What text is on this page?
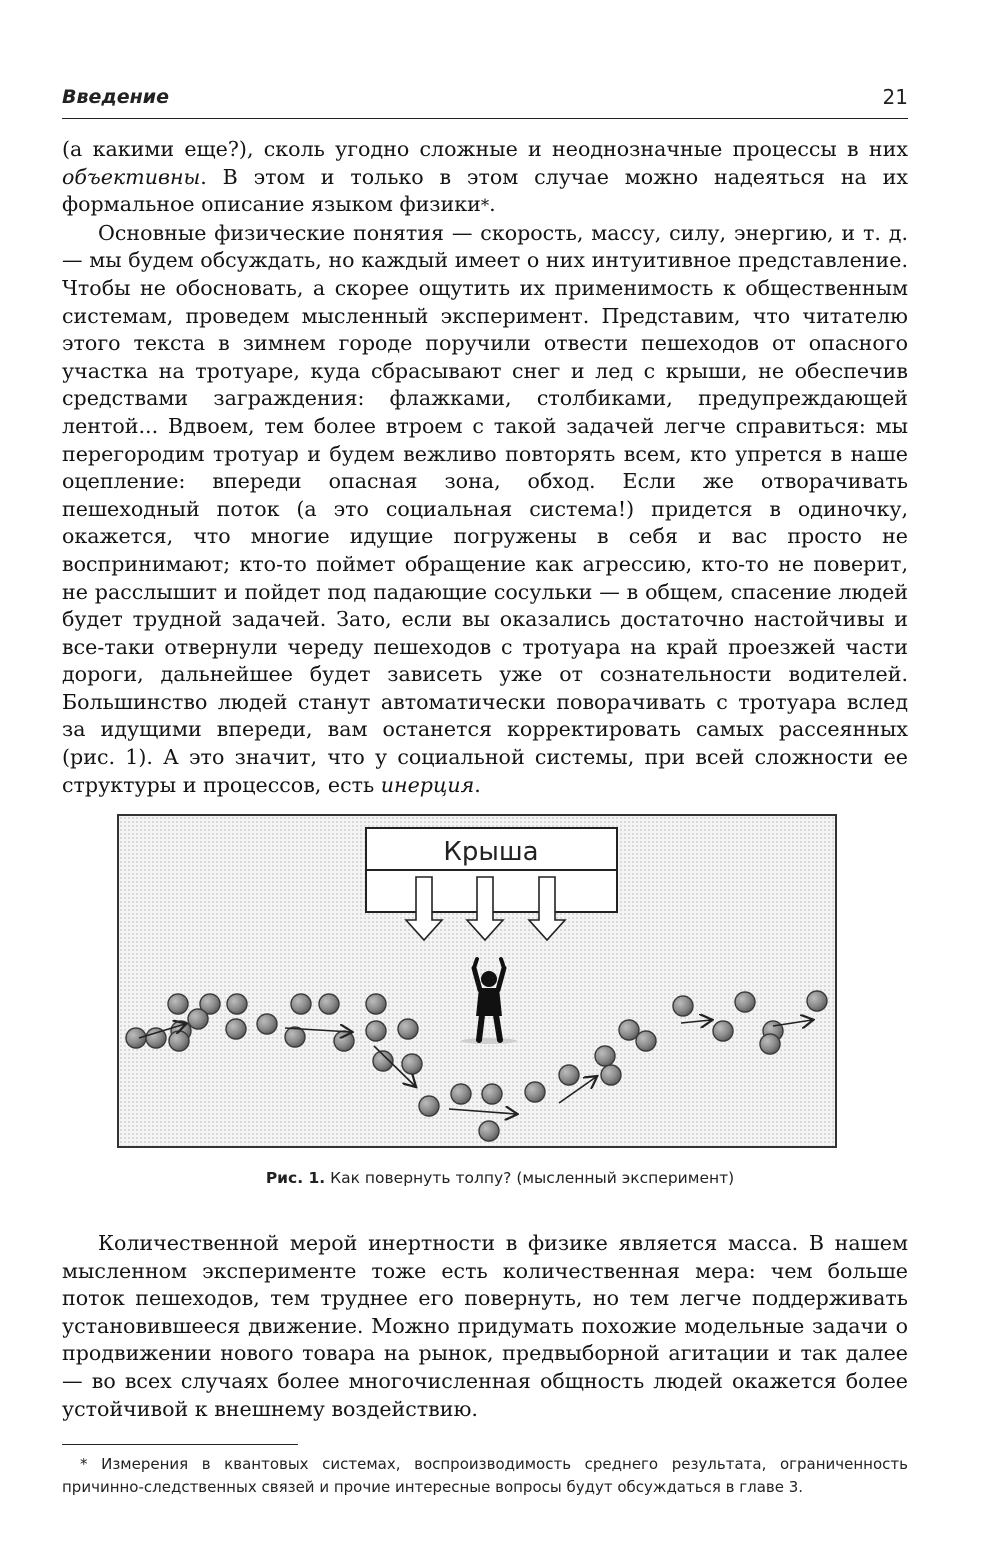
Введение	21

(а какими еще?), сколь угодно сложные и неоднозначные процессы в них объективны. В этом и только в этом случае можно надеяться на их формальное описание языком физики*.

Основные физические понятия — скорость, массу, силу, энергию, и т. д. — мы будем обсуждать, но каждый имеет о них интуитивное представление. Чтобы не обосновать, а скорее ощутить их применимость к общественным системам, проведем мысленный эксперимент. Представим, что читателю этого текста в зимнем городе поручили отвести пешеходов от опасного участка на тротуаре, куда сбрасывают снег и лед с крыши, не обеспечив средствами заграждения: флажками, столбиками, предупреждающей лентой... Вдвоем, тем более втроем с такой задачей легче справиться: мы перегородим тротуар и будем вежливо повторять всем, кто упрется в наше оцепление: впереди опасная зона, обход. Если же отворачивать пешеходный поток (а это социальная система!) придется в одиночку, окажется, что многие идущие погружены в себя и вас просто не воспринимают; кто-то поймет обращение как агрессию, кто-то не поверит, не расслышит и пойдет под падающие сосульки — в общем, спасение людей будет трудной задачей. Зато, если вы оказались достаточно настойчивы и все-таки отвернули череду пешеходов с тротуара на край проезжей части дороги, дальнейшее будет зависеть уже от сознательности водителей. Большинство людей станут автоматически поворачивать с тротуара вслед за идущими впереди, вам останется корректировать самых рассеянных (рис. 1). А это значит, что у социальной системы, при всей сложности ее структуры и процессов, есть инерция.

Крыша
Рис. 1. Как повернуть толпу? (мысленный эксперимент)

Количественной мерой инертности в физике является масса. В нашем мысленном эксперименте тоже есть количественная мера: чем больше поток пешеходов, тем труднее его повернуть, но тем легче поддерживать установившееся движение. Можно придумать похожие модельные задачи о продвижении нового товара на рынок, предвыборной агитации и так далее — во всех случаях более многочисленная общность людей окажется более устойчивой к внешнему воздействию.

* Измерения в квантовых системах, воспроизводимость среднего результата, ограниченность причинно-следственных связей и прочие интересные вопросы будут обсуждаться в главе 3.
